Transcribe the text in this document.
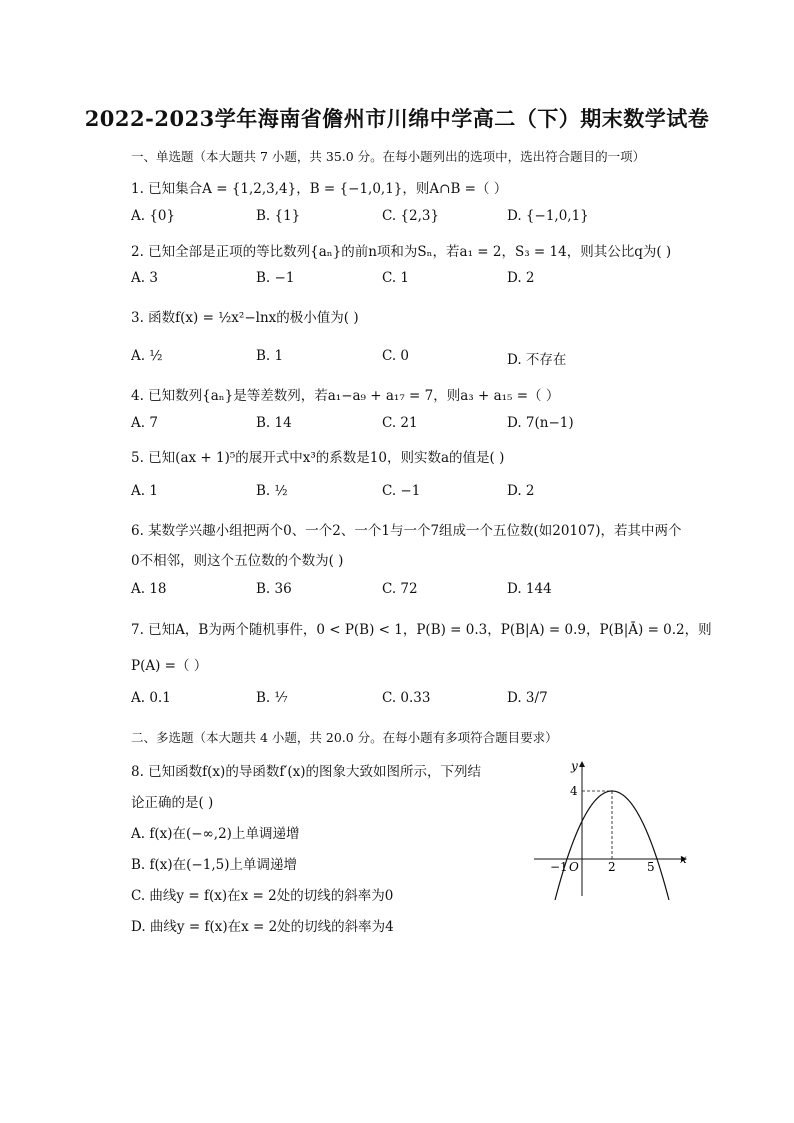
2022-2023学年海南省儋州市川绵中学高二（下）期末数学试卷
一、单选题（本大题共 7 小题，共 35.0 分。在每小题列出的选项中，选出符合题目的一项）
1. 已知集合A = {1,2,3,4}，B = {−1,0,1}，则A∩B =（ ）
A. {0}	B. {1}	C. {2,3}	D. {−1,0,1}
2. 已知全部是正项的等比数列{aₙ}的前n项和为Sₙ，若a₁ = 2，S₃ = 14，则其公比q为( )
A. 3	B. −1	C. 1	D. 2
3. 函数f(x) = ½x²−lnx的极小值为( )
A. ½	B. 1	C. 0	D. 不存在
4. 已知数列{aₙ}是等差数列，若a₁−a₉ + a₁₇ = 7，则a₃ + a₁₅ =（ ）
A. 7	B. 14	C. 21	D. 7(n−1)
5. 已知(ax + 1)⁵的展开式中x³的系数是10，则实数a的值是( )
A. 1	B. ½	C. −1	D. 2
6. 某数学兴趣小组把两个0、一个2、一个1与一个7组成一个五位数(如20107)，若其中两个
0不相邻，则这个五位数的个数为( )
A. 18	B. 36	C. 72	D. 144
7. 已知A，B为两个随机事件，0 < P(B) < 1，P(B) = 0.3，P(B|A) = 0.9，P(B|Ā) = 0.2，则
P(A) =（ ）
A. 0.1	B. ⅐	C. 0.33	D. 3/7
二、多选题（本大题共 4 小题，共 20.0 分。在每小题有多项符合题目要求）
8. 已知函数f(x)的导函数f′(x)的图象大致如图所示，下列结
论正确的是( )
A. f(x)在(−∞,2)上单调递增
B. f(x)在(−1,5)上单调递增
C. 曲线y = f(x)在x = 2处的切线的斜率为0
D. 曲线y = f(x)在x = 2处的切线的斜率为4
y
x
4
−1 O 2	5
